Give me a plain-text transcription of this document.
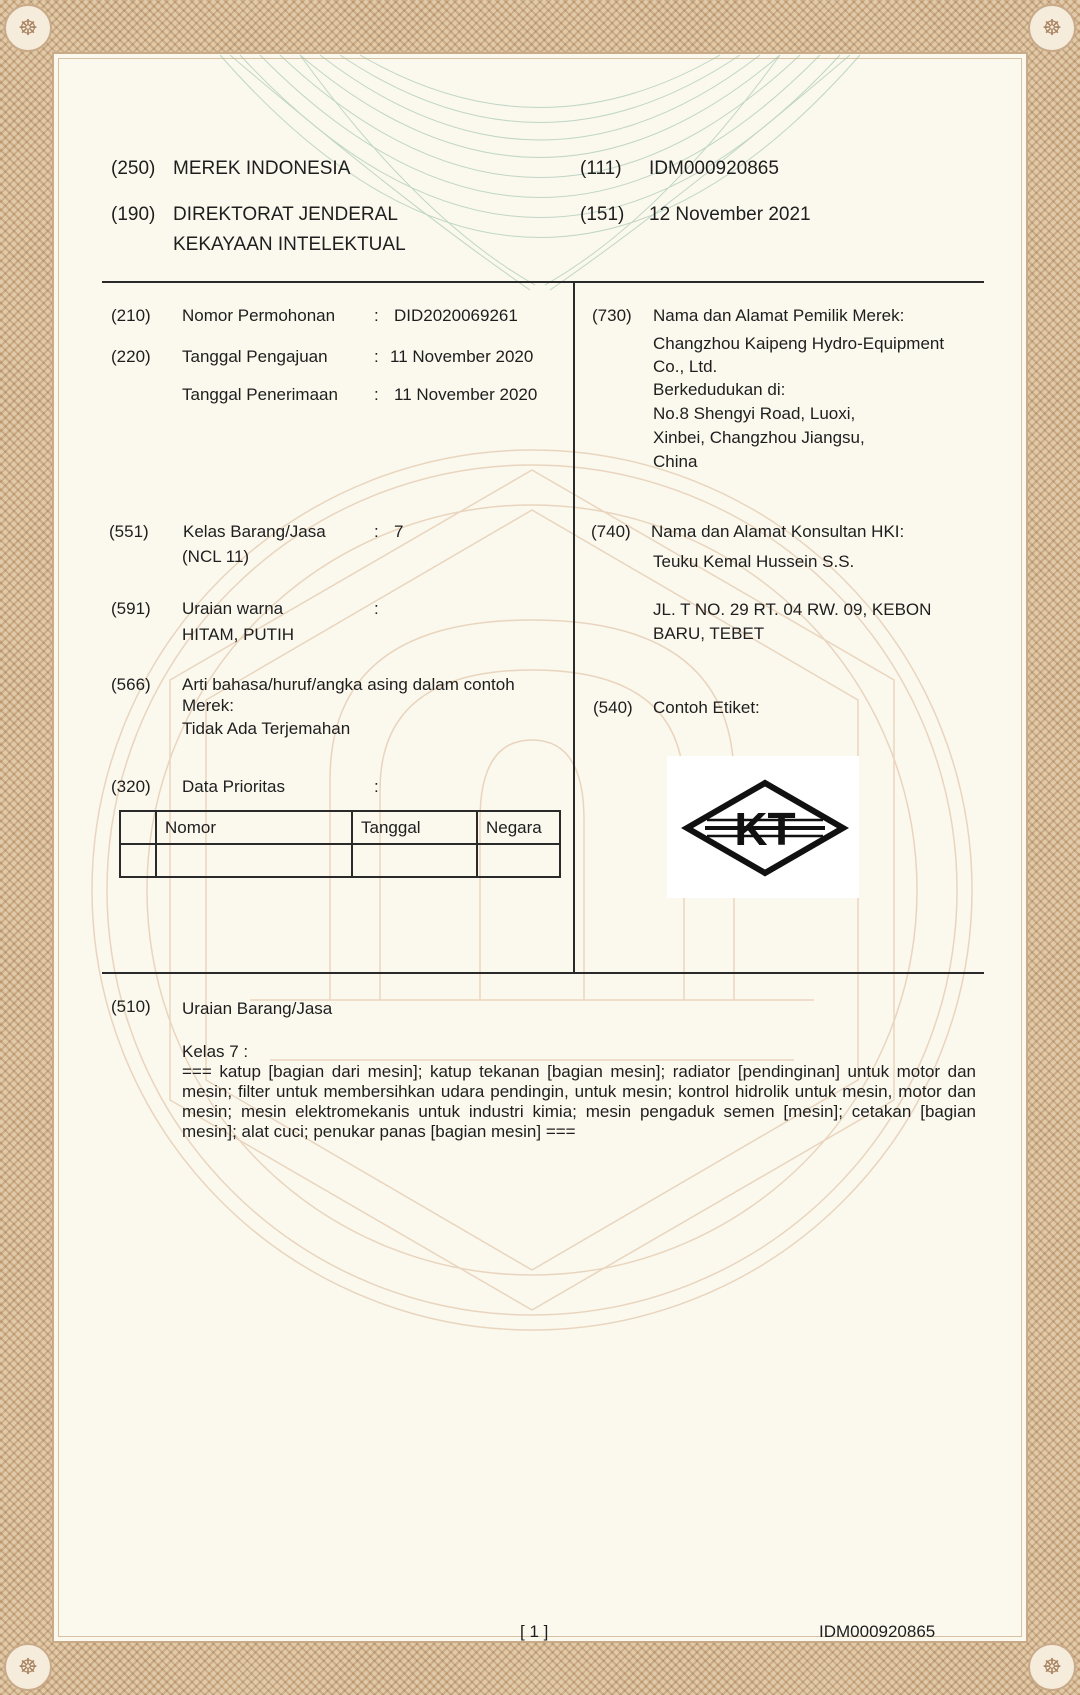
☸	☸
☸	☸
(250) MEREK INDONESIA
(190) DIREKTORAT JENDERAL
KEKAYAAN INTELEKTUAL
(111) IDM000920865
(151) 12 November 2021
(210) Nomor Permohonan : DID2020069261
(220) Tanggal Pengajuan	: 11 November 2020
Tanggal Penerimaan : 11 November 2020
(551) Kelas Barang/Jasa	: 7
(NCL 11)
(591) Uraian warna	:
HITAM, PUTIH
(566) Arti bahasa/huruf/angka asing dalam contoh
Merek:
Tidak Ada Terjemahan
(320) Data Prioritas	:
	Nomor	Tanggal	Negara

(730) Nama dan Alamat Pemilik Merek:
Changzhou Kaipeng Hydro-Equipment
Co., Ltd.
Berkedudukan di:
No.8 Shengyi Road, Luoxi,
Xinbei, Changzhou Jiangsu,
China
(740) Nama dan Alamat Konsultan HKI:
Teuku Kemal Hussein S.S.
JL. T NO. 29 RT. 04 RW. 09, KEBON
BARU, TEBET
(540) Contoh Etiket:
KT
(510) Uraian Barang/Jasa
Kelas 7 :
=== katup [bagian dari mesin]; katup tekanan [bagian mesin]; radiator [pendinginan] untuk motor dan mesin; filter untuk membersihkan udara pendingin, untuk mesin; kontrol hidrolik untuk mesin, motor dan mesin; mesin elektromekanis untuk industri kimia; mesin pengaduk semen [mesin]; cetakan [bagian mesin]; alat cuci; penukar panas [bagian mesin] ===
[ 1 ]	IDM000920865
